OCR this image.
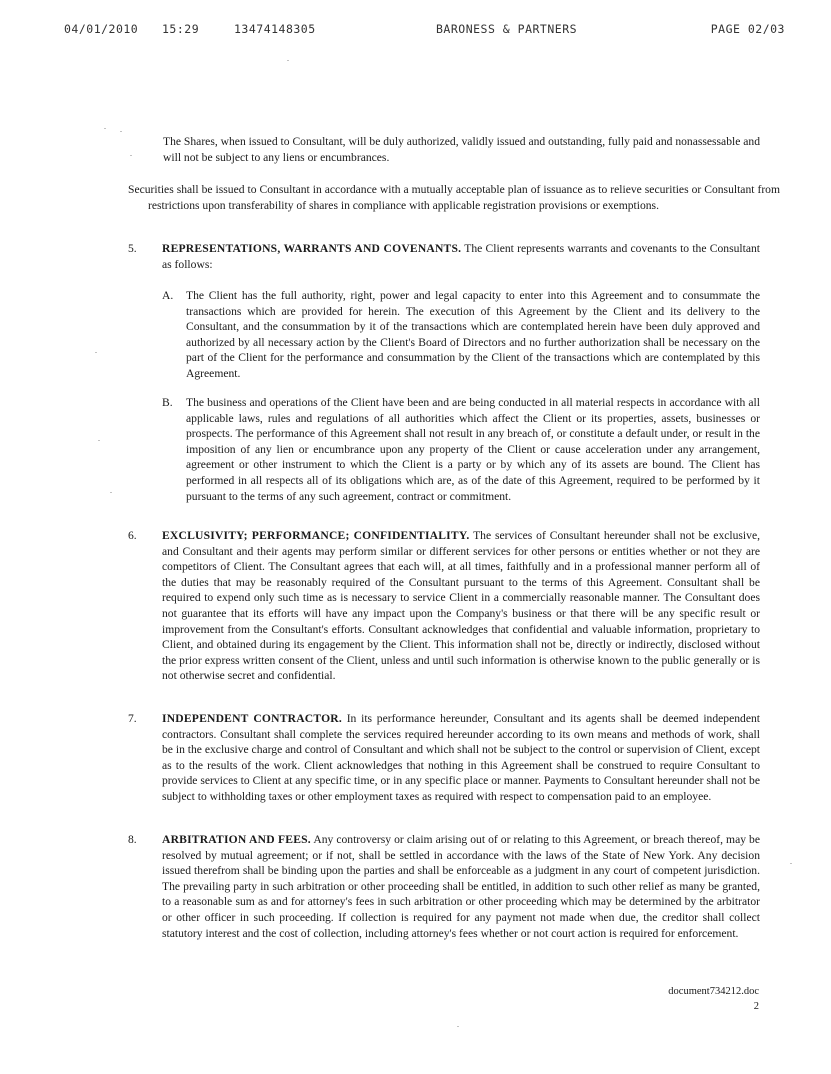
04/01/2010 15:29	13474148305	BARONESS & PARTNERS	PAGE 02/03

The Shares, when issued to Consultant, will be duly authorized, validly issued and outstanding, fully paid and nonassessable and will not be subject to any liens or encumbrances.

Securities shall be issued to Consultant in accordance with a mutually acceptable plan of issuance as to relieve securities or Consultant from restrictions upon transferability of shares in compliance with applicable registration provisions or exemptions.

5.	REPRESENTATIONS, WARRANTS AND COVENANTS. The Client represents warrants and covenants to the Consultant as follows:
A. The Client has the full authority, right, power and legal capacity to enter into this Agreement and to consummate the transactions which are provided for herein. The execution of this Agreement by the Client and its delivery to the Consultant, and the consummation by it of the transactions which are contemplated herein have been duly approved and authorized by all necessary action by the Client's Board of Directors and no further authorization shall be necessary on the part of the Client for the performance and consummation by the Client of the transactions which are contemplated by this Agreement.
B. The business and operations of the Client have been and are being conducted in all material respects in accordance with all applicable laws, rules and regulations of all authorities which affect the Client or its properties, assets, businesses or prospects. The performance of this Agreement shall not result in any breach of, or constitute a default under, or result in the imposition of any lien or encumbrance upon any property of the Client or cause acceleration under any arrangement, agreement or other instrument to which the Client is a party or by which any of its assets are bound. The Client has performed in all respects all of its obligations which are, as of the date of this Agreement, required to be performed by it pursuant to the terms of any such agreement, contract or commitment.
6.	EXCLUSIVITY; PERFORMANCE; CONFIDENTIALITY. The services of Consultant hereunder shall not be exclusive, and Consultant and their agents may perform similar or different services for other persons or entities whether or not they are competitors of Client. The Consultant agrees that each will, at all times, faithfully and in a professional manner perform all of the duties that may be reasonably required of the Consultant pursuant to the terms of this Agreement. Consultant shall be required to expend only such time as is necessary to service Client in a commercially reasonable manner. The Consultant does not guarantee that its efforts will have any impact upon the Company's business or that there will be any specific result or improvement from the Consultant's efforts. Consultant acknowledges that confidential and valuable information, proprietary to Client, and obtained during its engagement by the Client. This information shall not be, directly or indirectly, disclosed without the prior express written consent of the Client, unless and until such information is otherwise known to the public generally or is not otherwise secret and confidential.
7.	INDEPENDENT CONTRACTOR. In its performance hereunder, Consultant and its agents shall be deemed independent contractors. Consultant shall complete the services required hereunder according to its own means and methods of work, shall be in the exclusive charge and control of Consultant and which shall not be subject to the control or supervision of Client, except as to the results of the work. Client acknowledges that nothing in this Agreement shall be construed to require Consultant to provide services to Client at any specific time, or in any specific place or manner. Payments to Consultant hereunder shall not be subject to withholding taxes or other employment taxes as required with respect to compensation paid to an employee.
8.	ARBITRATION AND FEES. Any controversy or claim arising out of or relating to this Agreement, or breach thereof, may be resolved by mutual agreement; or if not, shall be settled in accordance with the laws of the State of New York. Any decision issued therefrom shall be binding upon the parties and shall be enforceable as a judgment in any court of competent jurisdiction. The prevailing party in such arbitration or other proceeding shall be entitled, in addition to such other relief as many be granted, to a reasonable sum as and for attorney's fees in such arbitration or other proceeding which may be determined by the arbitrator or other officer in such proceeding. If collection is required for any payment not made when due, the creditor shall collect statutory interest and the cost of collection, including attorney's fees whether or not court action is required for enforcement.
document734212.doc
2
